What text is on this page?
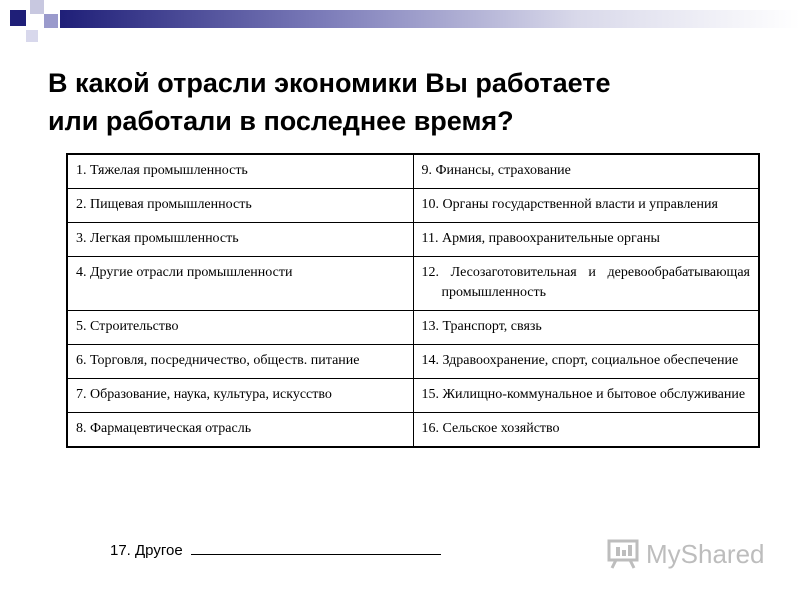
В какой отрасли экономики Вы работаете
или работали в последнее время?
1. Тяжелая промышленность	9. Финансы, страхование

2. Пищевая промышленность	10. Органы государственной власти и управления

3. Легкая промышленность	11. Армия, правоохранительные органы

4. Другие отрасли промышленности	12. Лесозаготовительная и деревообрабатывающая промышленность

5. Строительство	13. Транспорт, связь

6. Торговля, посредничество, обществ. питание	14. Здравоохранение, спорт, социальное обеспечение

7. Образование, наука, культура, искусство	15. Жилищно-коммунальное и бытовое обслуживание

8. Фармацевтическая отрасль	16. Сельское хозяйство
17. Другое	MyShared
